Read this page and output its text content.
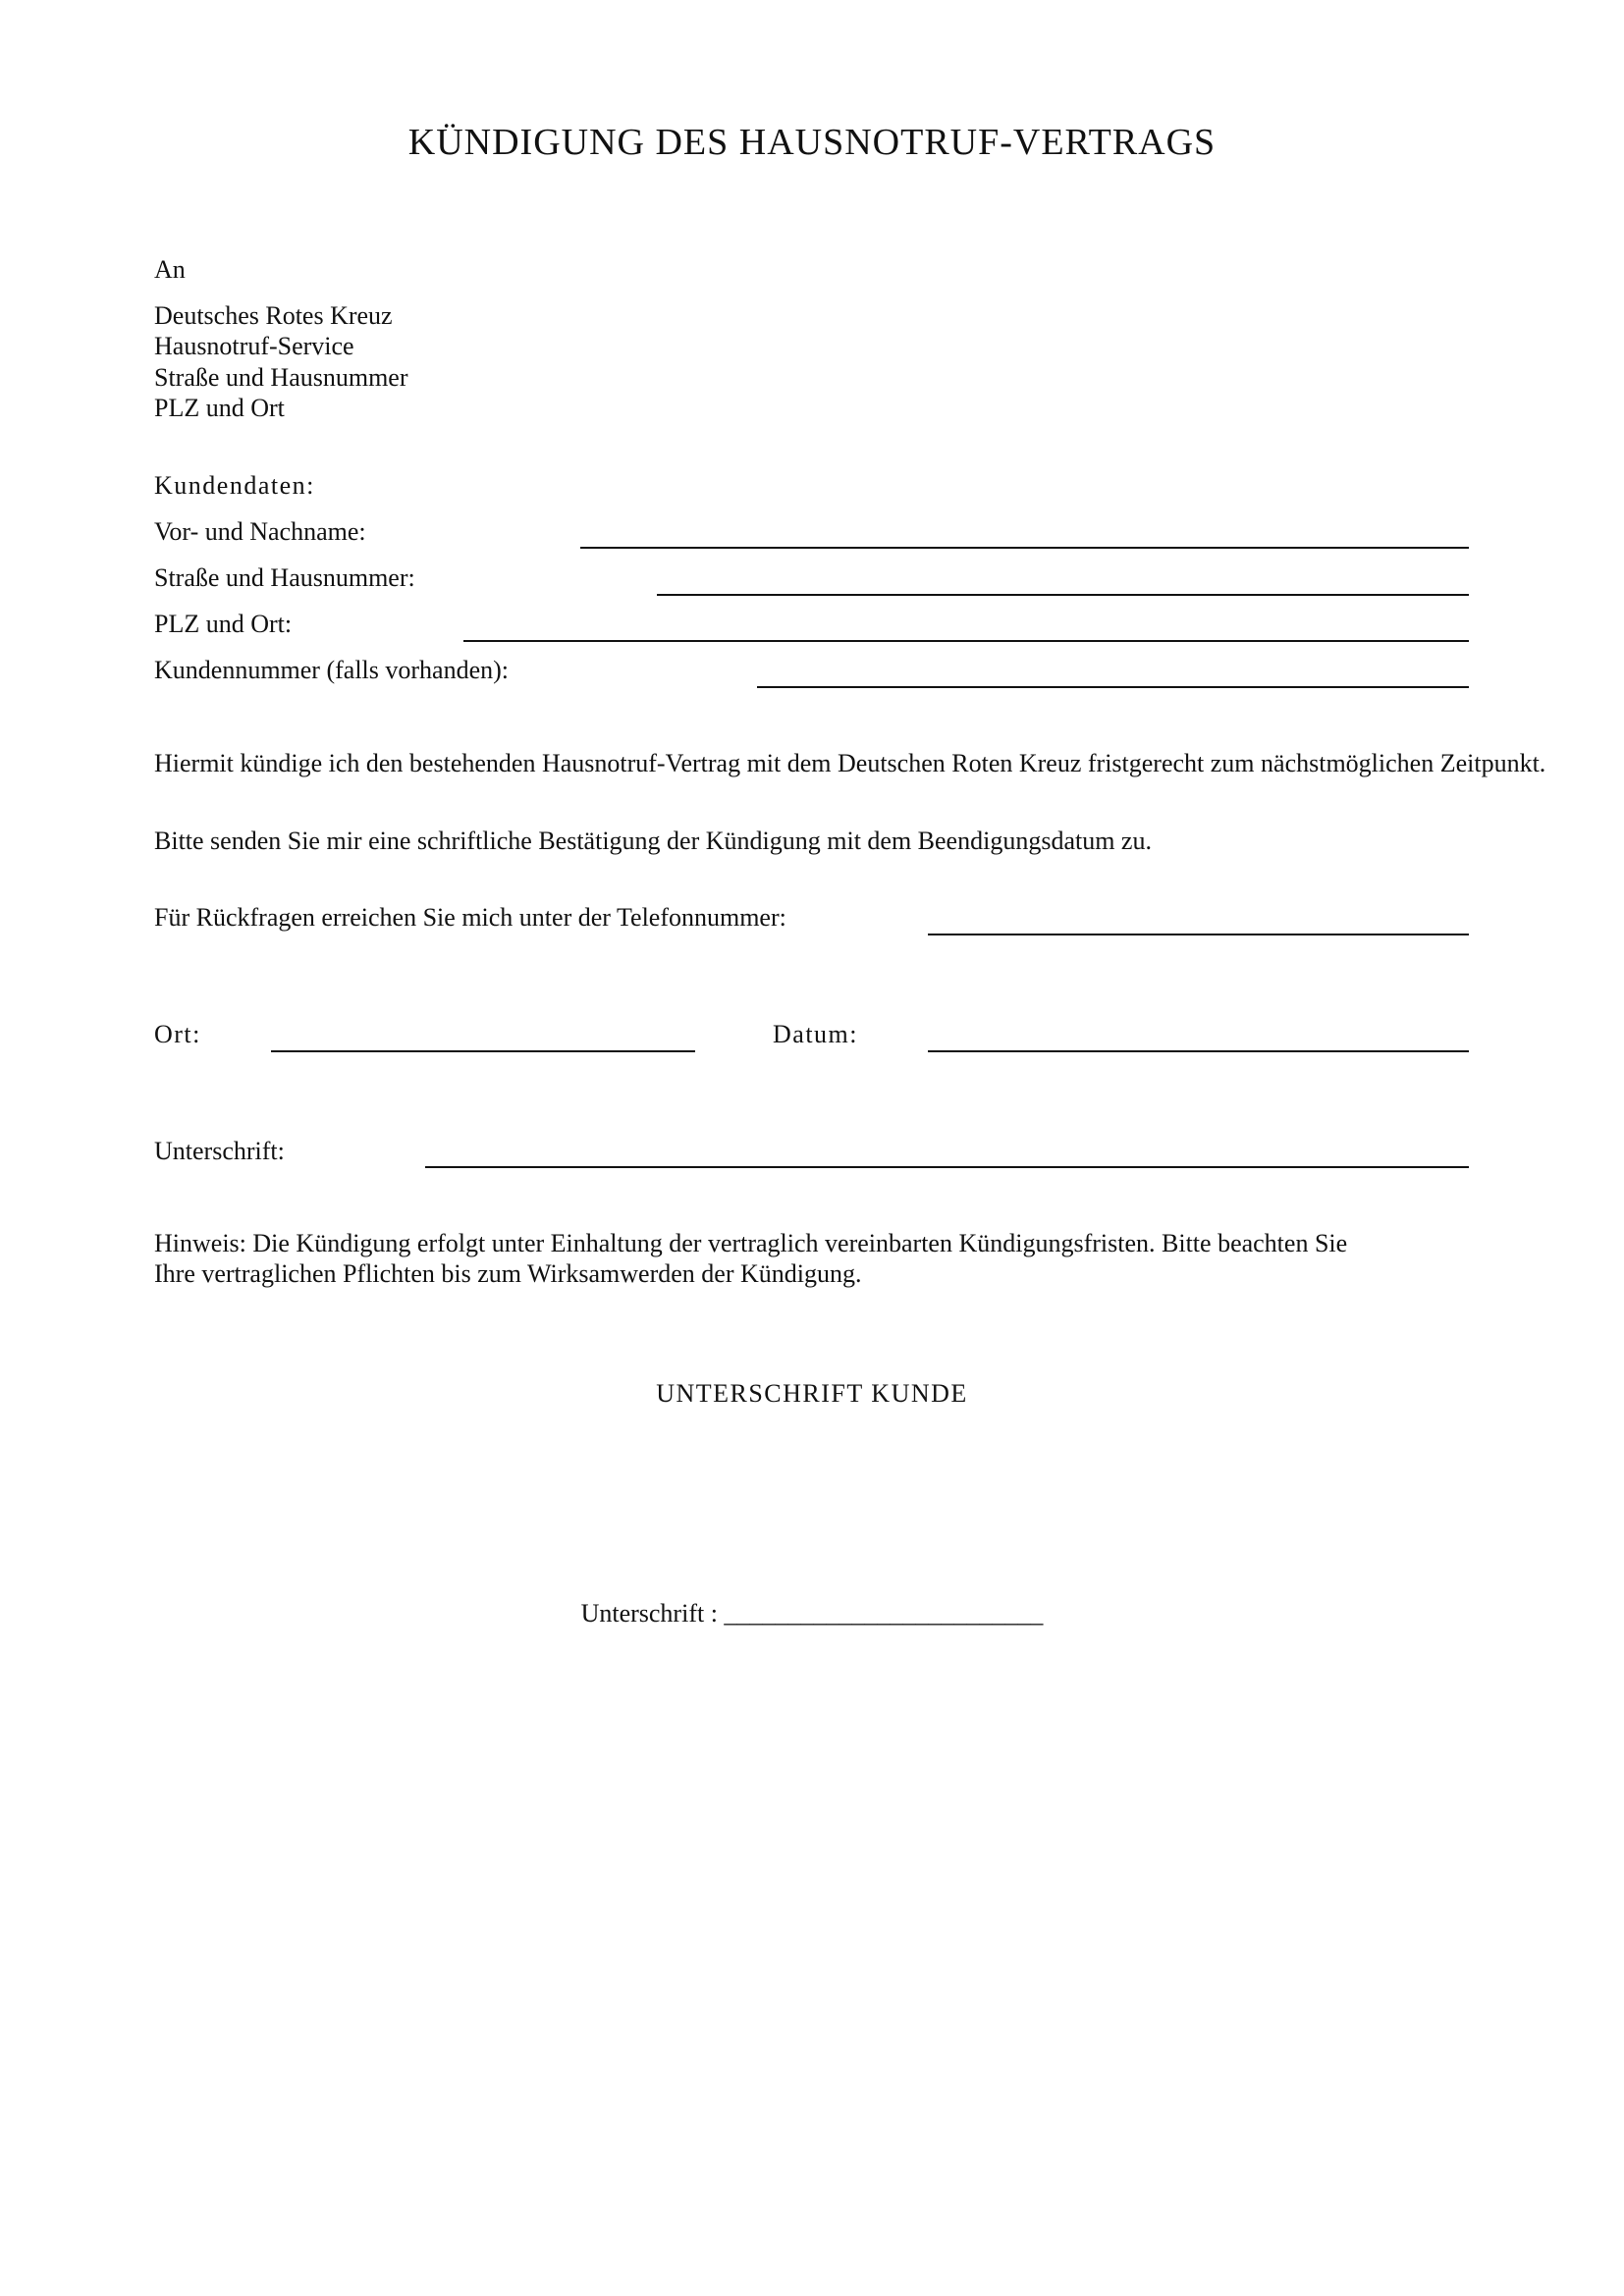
KÜNDIGUNG DES HAUSNOTRUF-VERTRAGS
An
Deutsches Rotes Kreuz
Hausnotruf-Service
Straße und Hausnummer
PLZ und Ort
Kundendaten:
Vor- und Nachname:
Straße und Hausnummer:
PLZ und Ort:
Kundennummer (falls vorhanden):
Hiermit kündige ich den bestehenden Hausnotruf-Vertrag mit dem Deutschen Roten Kreuz fristgerecht zum nächstmöglichen Zeitpunkt.
Bitte senden Sie mir eine schriftliche Bestätigung der Kündigung mit dem Beendigungsdatum zu.
Für Rückfragen erreichen Sie mich unter der Telefonnummer:
Ort:	Datum:
Unterschrift:
Hinweis: Die Kündigung erfolgt unter Einhaltung der vertraglich vereinbarten Kündigungsfristen. Bitte beachten Sie
Ihre vertraglichen Pflichten bis zum Wirksamwerden der Kündigung.
UNTERSCHRIFT KUNDE
Unterschrift : _________________________
